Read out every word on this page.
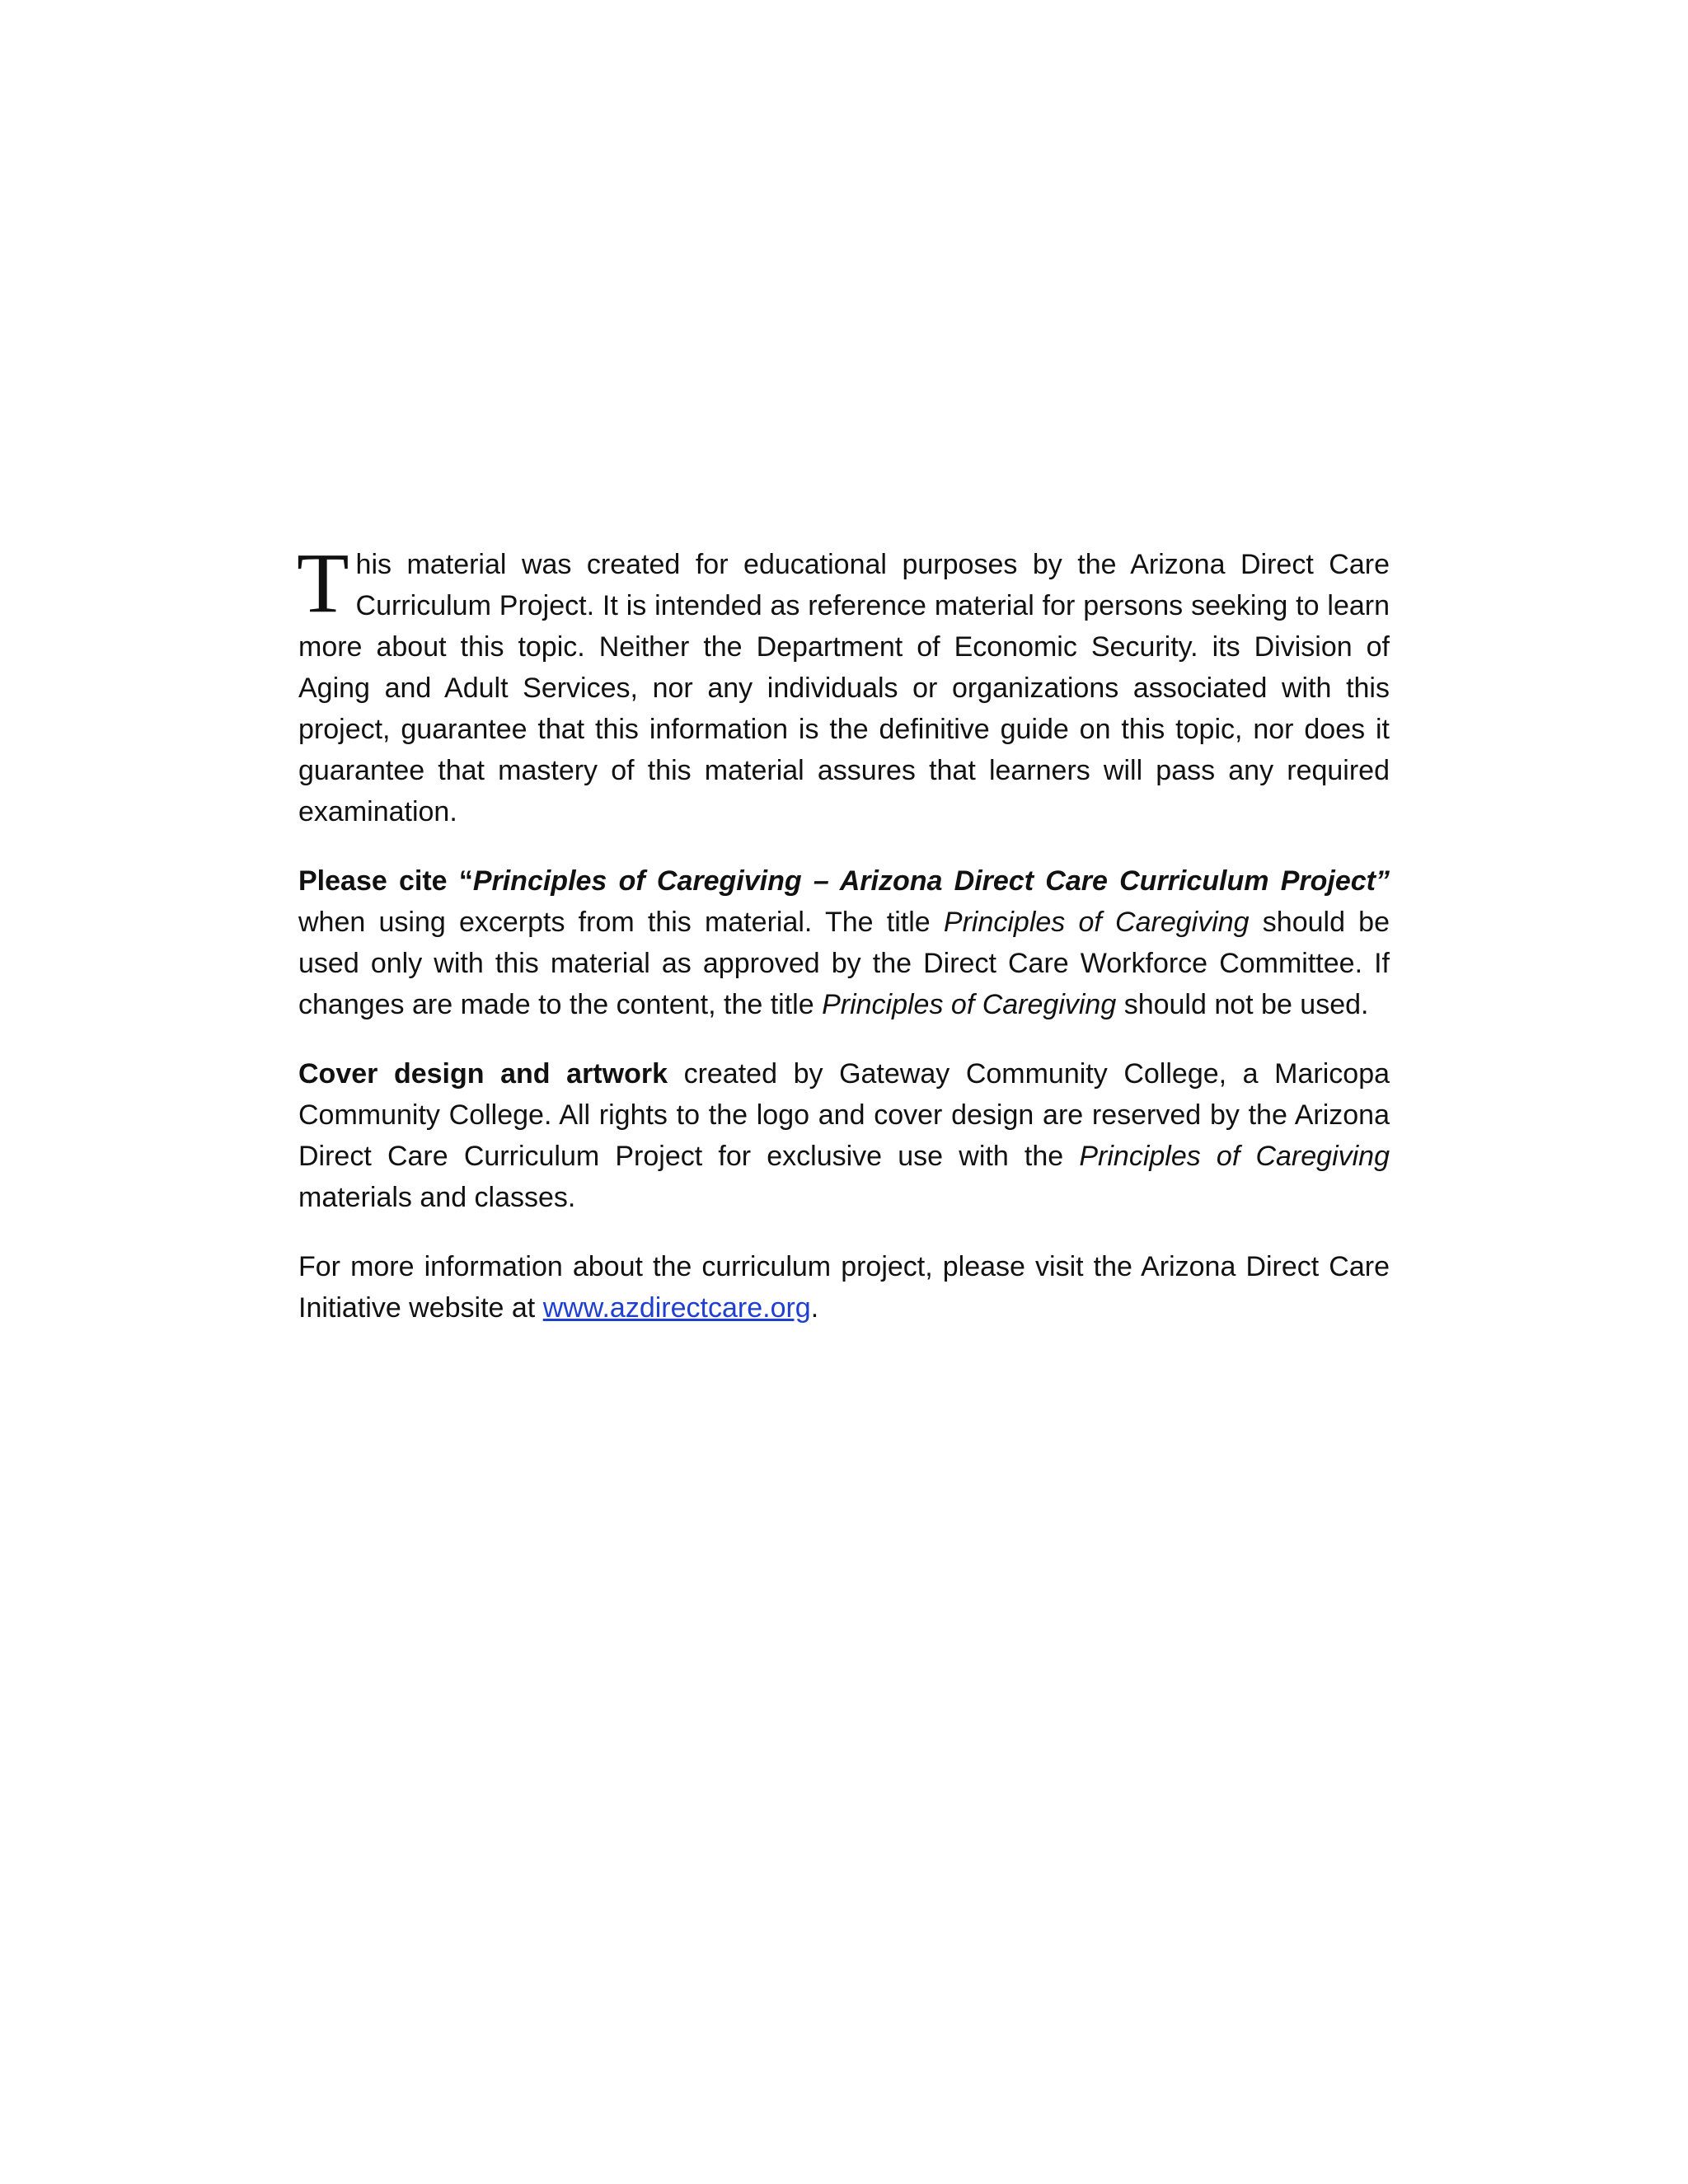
This material was created for educational purposes by the Arizona Direct Care Curriculum Project. It is intended as reference material for persons seeking to learn more about this topic. Neither the Department of Economic Security. its Division of Aging and Adult Services, nor any individuals or organizations associated with this project, guarantee that this information is the definitive guide on this topic, nor does it guarantee that mastery of this material assures that learners will pass any required examination.

Please cite “Principles of Caregiving – Arizona Direct Care Curriculum Project” when using excerpts from this material. The title Principles of Caregiving should be used only with this material as approved by the Direct Care Workforce Committee. If changes are made to the content, the title Principles of Caregiving should not be used.

Cover design and artwork created by Gateway Community College, a Maricopa Community College. All rights to the logo and cover design are reserved by the Arizona Direct Care Curriculum Project for exclusive use with the Principles of Caregiving materials and classes.

For more information about the curriculum project, please visit the Arizona Direct Care Initiative website at www.azdirectcare.org.
